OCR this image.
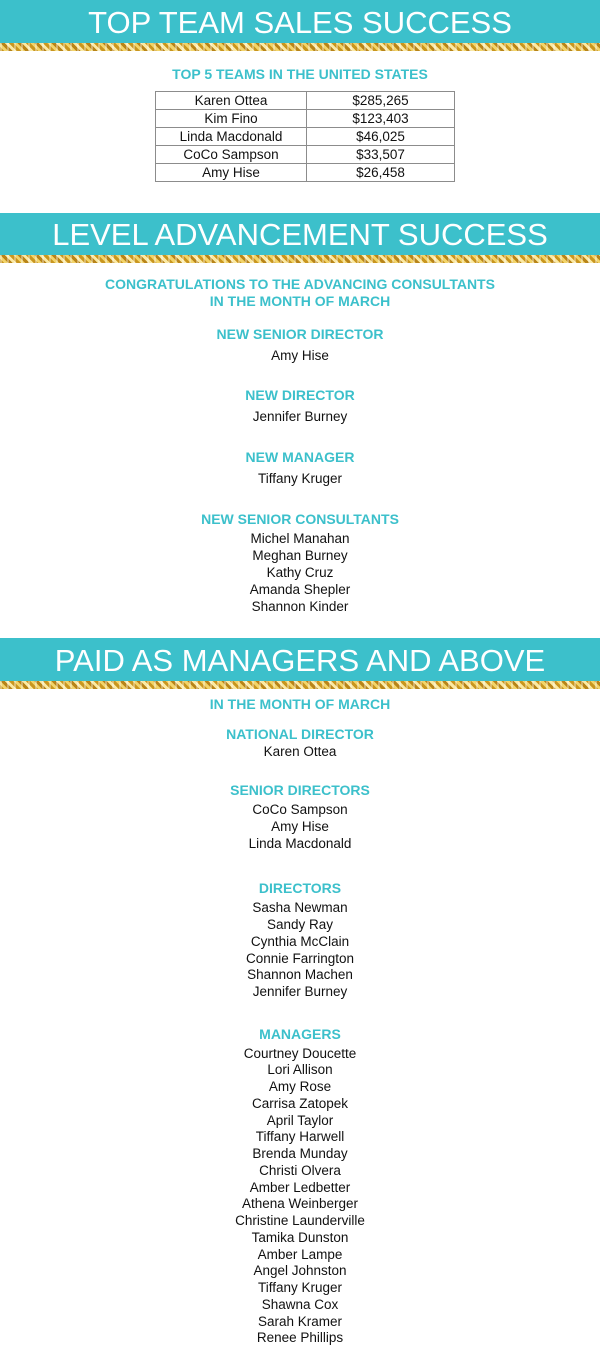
TOP TEAM SALES SUCCESS
TOP 5 TEAMS IN THE UNITED STATES
Karen Ottea	$285,265
Kim Fino	$123,403
Linda Macdonald	$46,025
CoCo Sampson	$33,507
Amy Hise	$26,458
LEVEL ADVANCEMENT SUCCESS
CONGRATULATIONS TO THE ADVANCING CONSULTANTS
IN THE MONTH OF MARCH
NEW SENIOR DIRECTOR
Amy Hise
NEW DIRECTOR
Jennifer Burney
NEW MANAGER
Tiffany Kruger
NEW SENIOR CONSULTANTS
Michel Manahan
Meghan Burney
Kathy Cruz
Amanda Shepler
Shannon Kinder
PAID AS MANAGERS AND ABOVE
IN THE MONTH OF MARCH
NATIONAL DIRECTOR
Karen Ottea
SENIOR DIRECTORS
CoCo Sampson
Amy Hise
Linda Macdonald
DIRECTORS
Sasha Newman
Sandy Ray
Cynthia McClain
Connie Farrington
Shannon Machen
Jennifer Burney
MANAGERS
Courtney Doucette
Lori Allison
Amy Rose
Carrisa Zatopek
April Taylor
Tiffany Harwell
Brenda Munday
Christi Olvera
Amber Ledbetter
Athena Weinberger
Christine Launderville
Tamika Dunston
Amber Lampe
Angel Johnston
Tiffany Kruger
Shawna Cox
Sarah Kramer
Renee Phillips
